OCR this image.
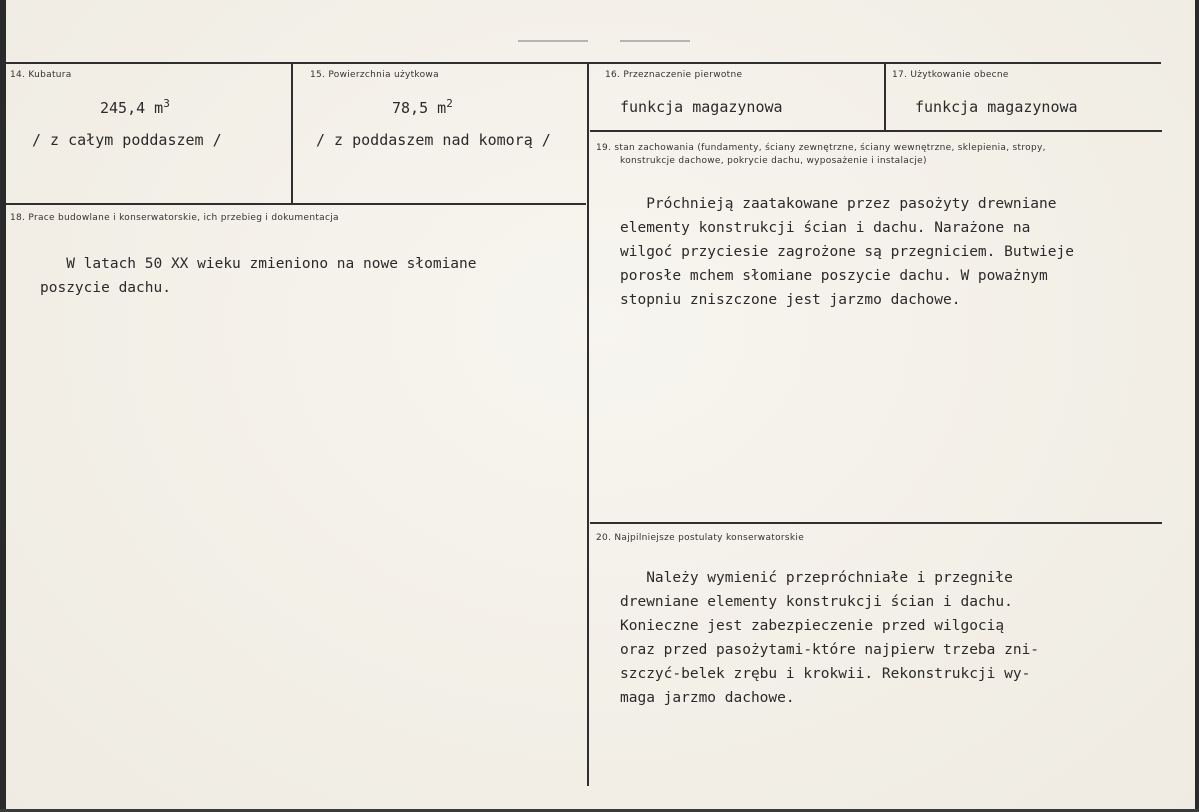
14. Kubatura
245,4 $m^3$
/ z całym poddaszem /
15. Powierzchnia użytkowa
78,5 $m^2$
/ z poddaszem nad komorą /
16. Przeznaczenie pierwotne
funkcja magazynowa
17. Użytkowanie obecne
funkcja magazynowa
18. Prace budowlane i konserwatorskie, ich przebieg i dokumentacja
W latach 50 XX wieku zmieniono na nowe słomiane
poszycie dachu.
19. stan zachowania (fundamenty, ściany zewnętrzne, ściany wewnętrzne, sklepienia, stropy,
konstrukcje dachowe, pokrycie dachu, wyposażenie i instalacje)
Próchnieją zaatakowane przez pasożyty drewniane
elementy konstrukcji ścian i dachu. Narażone na
wilgoć przyciesie zagrożone są przegniciem. Butwieje
porosłe mchem słomiane poszycie dachu. W poważnym
stopniu zniszczone jest jarzmo dachowe.
20. Najpilniejsze postulaty konserwatorskie
Należy wymienić przepróchniałe i przegniłe
drewniane elementy konstrukcji ścian i dachu.
Konieczne jest zabezpieczenie przed wilgocią
oraz przed pasożytami-które najpierw trzeba zni-
szczyć-belek zrębu i krokwii. Rekonstrukcji wy-
maga jarzmo dachowe.
